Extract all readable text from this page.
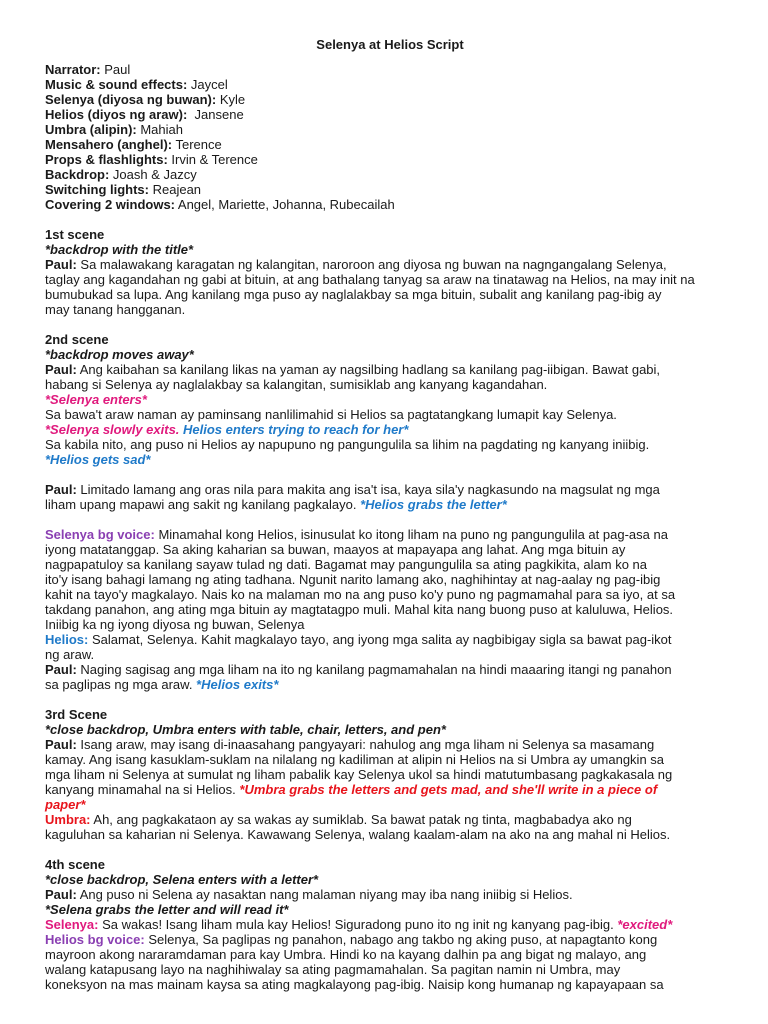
Selenya at Helios Script
Narrator: Paul
Music & sound effects: Jaycel
Selenya (diyosa ng buwan): Kyle
Helios (diyos ng araw):  Jansene
Umbra (alipin): Mahiah
Mensahero (anghel): Terence
Props & flashlights: Irvin & Terence
Backdrop: Joash & Jazcy
Switching lights: Reajean
Covering 2 windows: Angel, Mariette, Johanna, Rubecailah
1st scene
*backdrop with the title*
Paul: Sa malawakang karagatan ng kalangitan, naroroon ang diyosa ng buwan na nagngangalang Selenya,
taglay ang kagandahan ng gabi at bituin, at ang bathalang tanyag sa araw na tinatawag na Helios, na may init na
bumubukad sa lupa. Ang kanilang mga puso ay naglalakbay sa mga bituin, subalit ang kanilang pag-ibig ay
may tanang hangganan.
2nd scene
*backdrop moves away*
Paul: Ang kaibahan sa kanilang likas na yaman ay nagsilbing hadlang sa kanilang pag-iibigan. Bawat gabi,
habang si Selenya ay naglalakbay sa kalangitan, sumisiklab ang kanyang kagandahan.
*Selenya enters*
Sa bawa't araw naman ay paminsang nanlilimahid si Helios sa pagtatangkang lumapit kay Selenya.
*Selenya slowly exits. Helios enters trying to reach for her*
Sa kabila nito, ang puso ni Helios ay napupuno ng pangungulila sa lihim na pagdating ng kanyang iniibig.
*Helios gets sad*
Paul: Limitado lamang ang oras nila para makita ang isa't isa, kaya sila'y nagkasundo na magsulat ng mga
liham upang mapawi ang sakit ng kanilang pagkalayo. *Helios grabs the letter*
Selenya bg voice: Minamahal kong Helios, isinusulat ko itong liham na puno ng pangungulila at pag-asa na
iyong matatanggap. Sa aking kaharian sa buwan, maayos at mapayapa ang lahat. Ang mga bituin ay
nagpapatuloy sa kanilang sayaw tulad ng dati. Bagamat may pangungulila sa ating pagkikita, alam ko na
ito'y isang bahagi lamang ng ating tadhana. Ngunit narito lamang ako, naghihintay at nag-aalay ng pag-ibig
kahit na tayo'y magkalayo. Nais ko na malaman mo na ang puso ko'y puno ng pagmamahal para sa iyo, at sa
takdang panahon, ang ating mga bituin ay magtatagpo muli. Mahal kita nang buong puso at kaluluwa, Helios.
Iniibig ka ng iyong diyosa ng buwan, Selenya
Helios: Salamat, Selenya. Kahit magkalayo tayo, ang iyong mga salita ay nagbibigay sigla sa bawat pag-ikot
ng araw.
Paul: Naging sagisag ang mga liham na ito ng kanilang pagmamahalan na hindi maaaring itangi ng panahon
sa paglipas ng mga araw. *Helios exits*
3rd Scene
*close backdrop, Umbra enters with table, chair, letters, and pen*
Paul: Isang araw, may isang di-inaasahang pangyayari: nahulog ang mga liham ni Selenya sa masamang
kamay. Ang isang kasuklam-suklam na nilalang ng kadiliman at alipin ni Helios na si Umbra ay umangkin sa
mga liham ni Selenya at sumulat ng liham pabalik kay Selenya ukol sa hindi matutumbasang pagkakasala ng
kanyang minamahal na si Helios. *Umbra grabs the letters and gets mad, and she'll write in a piece of
paper*
Umbra: Ah, ang pagkakataon ay sa wakas ay sumiklab. Sa bawat patak ng tinta, magbabadya ako ng
kaguluhan sa kaharian ni Selenya. Kawawang Selenya, walang kaalam-alam na ako na ang mahal ni Helios.
4th scene
*close backdrop, Selena enters with a letter*
Paul: Ang puso ni Selena ay nasaktan nang malaman niyang may iba nang iniibig si Helios.
*Selena grabs the letter and will read it*
Selenya: Sa wakas! Isang liham mula kay Helios! Siguradong puno ito ng init ng kanyang pag-ibig. *excited*
Helios bg voice: Selenya, Sa paglipas ng panahon, nabago ang takbo ng aking puso, at napagtanto kong
mayroon akong nararamdaman para kay Umbra. Hindi ko na kayang dalhin pa ang bigat ng malayo, ang
walang katapusang layo na naghihiwalay sa ating pagmamahalan. Sa pagitan namin ni Umbra, may
koneksyon na mas mainam kaysa sa ating magkalayong pag-ibig. Naisip kong humanap ng kapayapaan sa
